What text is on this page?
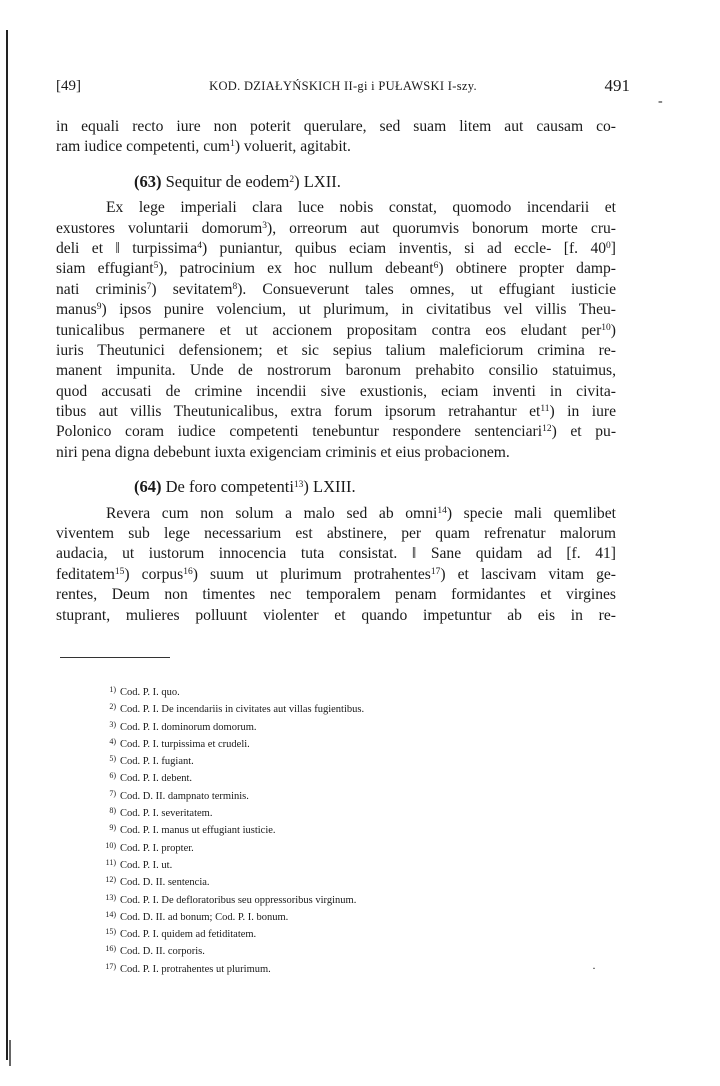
-
·
[49]	KOD. DZIAŁYŃSKICH II-gi i PUŁAWSKI I-szy.	491
in equali recto iure non poterit querulare, sed suam litem aut causam co-
ram iudice competenti, cum$^1$) voluerit, agitabit.
(63) Sequitur de eodem$^2$) LXII.
Ex lege imperiali clara luce nobis constat, quomodo incendarii et
exustores voluntarii domorum$^3$), orreorum aut quorumvis bonorum morte cru-
deli et ‖ turpissima$^4$) puniantur, quibus eciam inventis, si ad eccle- [f. $40^0$]
siam effugiant$^5$), patrocinium ex hoc nullum debeant$^6$) obtinere propter damp-
nati criminis$^7$) sevitatem$^8$). Consueverunt tales omnes, ut effugiant iusticie
manus$^9$) ipsos punire volencium, ut plurimum, in civitatibus vel villis Theu-
tunicalibus permanere et ut accionem propositam contra eos eludant per$^{10}$)
iuris Theutunici defensionem; et sic sepius talium maleficiorum crimina re-
manent impunita. Unde de nostrorum baronum prehabito consilio statuimus,
quod accusati de crimine incendii sive exustionis, eciam inventi in civita-
tibus aut villis Theutunicalibus, extra forum ipsorum retrahantur $et^{11}$) in iure
Polonico coram iudice competenti tenebuntur respondere sentenciari$^{12}$) et pu-
niri pena digna debebunt iuxta exigenciam criminis et eius probacionem.
(64) De foro competenti$^{13}$) LXIII.
Revera cum non solum a malo sed ab omni$^{14}$) specie mali quemlibet
viventem sub lege necessarium est abstinere, per quam refrenatur malorum
audacia, ut iustorum innocencia tuta consistat. ‖ Sane quidam ad [f. 41]
feditatem$^{15}$) corpus$^{16}$) suum ut plurimum protrahentes$^{17}$) et lascivam vitam ge-
rentes, Deum non timentes nec temporalem penam formidantes et virgines
stuprant, mulieres polluunt violenter et quando impetuntur ab eis in re-
1) Cod. P. I. quo.
2) Cod. P. I. De incendariis in civitates aut villas fugientibus.
3) Cod. P. I. dominorum domorum.
4) Cod. P. I. turpissima et crudeli.
5) Cod. P. I. fugiant.
6) Cod. P. I. debent.
7) Cod. D. II. dampnato terminis.
8) Cod. P. I. severitatem.
9) Cod. P. I. manus ut effugiant iusticie.
10) Cod. P. I. propter.
11) Cod. P. I. ut.
12) Cod. D. II. sentencia.
13) Cod. P. I. De defloratoribus seu oppressoribus virginum.
14) Cod. D. II. ad bonum; Cod. P. I. bonum.
15) Cod. P. I. quidem ad fetiditatem.
16) Cod. D. II. corporis.
17) Cod. P. I. protrahentes ut plurimum.
